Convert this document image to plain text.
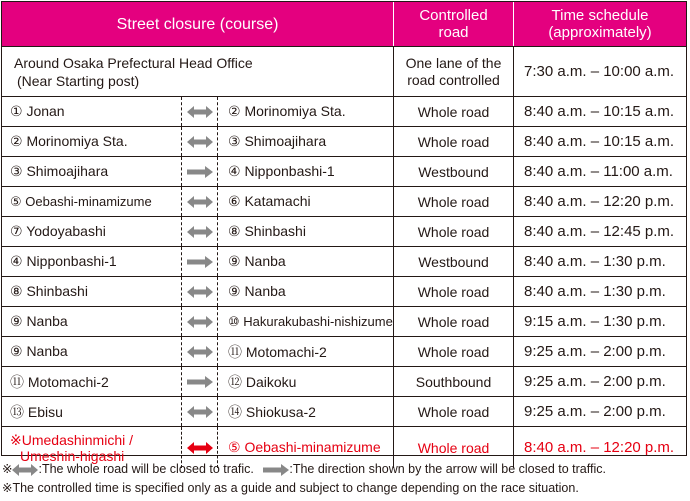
Street closure (course)	Controlled
road
Time schedule
(approximately)
Around Osaka Prefectural Head Office
(Near Starting post)
One lane of the
road controlled	7:30 a.m. – 10:00 a.m.
① Jonan	② Morinomiya Sta.	Whole road	8:40 a.m. – 10:15 a.m.
② Morinomiya Sta.	③ Shimoajihara	Whole road	8:40 a.m. – 10:15 a.m.
③ Shimoajihara	④ Nipponbashi-1	Westbound	8:40 a.m. – 11:00 a.m.
⑤ Oebashi-minamizume	⑥ Katamachi	Whole road	8:40 a.m. – 12:20 p.m.
⑦ Yodoyabashi	⑧ Shinbashi	Whole road	8:40 a.m. – 12:45 p.m.
④ Nipponbashi-1	⑨ Nanba	Westbound	8:40 a.m. – 1:30 p.m.
⑧ Shinbashi	⑨ Nanba	Whole road	8:40 a.m. – 1:30 p.m.
⑨ Nanba	⑩ Hakurakubashi-nishizume	Whole road	9:15 a.m. – 1:30 p.m.
⑨ Nanba	⑪ Motomachi-2	Whole road	9:25 a.m. – 2:00 p.m.
⑪ Motomachi-2	⑫ Daikoku	Southbound	9:25 a.m. – 2:00 p.m.
⑬ Ebisu	⑭ Shiokusa-2	Whole road	9:25 a.m. – 2:00 p.m.
※Umedashinmichi /
Umeshin-higashi
⑤ Oebashi-minamizume	Whole road	8:40 a.m. – 12:20 p.m.
※ :The whole road will be closed to trafic.	:The direction shown by the arrow will be closed to traffic.
※The controlled time is specified only as a guide and subject to change depending on the race situation.
